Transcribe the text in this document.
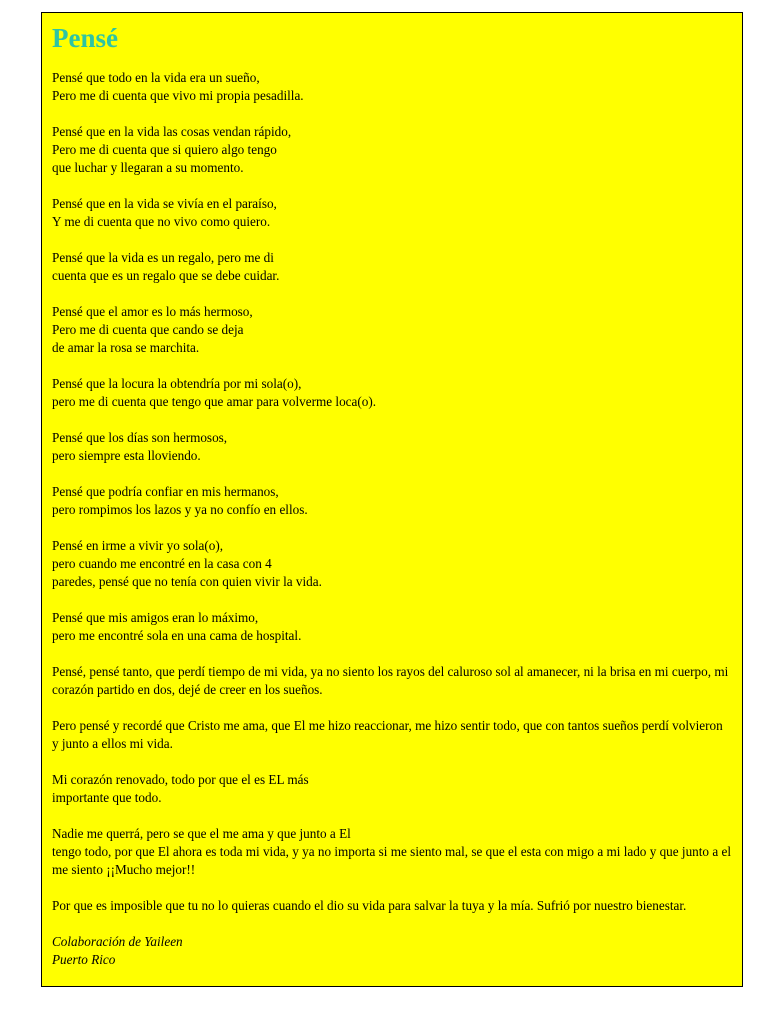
Pensé

Pensé que todo en la vida era un sueño,
Pero me di cuenta que vivo mi propia pesadilla.

Pensé que en la vida las cosas vendan rápido,
Pero me di cuenta que si quiero algo tengo
que luchar y llegaran a su momento.

Pensé que en la vida se vivía en el paraíso,
Y me di cuenta que no vivo como quiero.

Pensé que la vida es un regalo, pero me di
cuenta que es un regalo que se debe cuidar.

Pensé que el amor es lo más hermoso,
Pero me di cuenta que cando se deja
de amar la rosa se marchita.

Pensé que la locura la obtendría por mi sola(o),
pero me di cuenta que tengo que amar para volverme loca(o).

Pensé que los días son hermosos,
pero siempre esta lloviendo.

Pensé que podría confiar en mis hermanos,
pero rompimos los lazos y ya no confío en ellos.

Pensé en irme a vivir yo sola(o),
pero cuando me encontré en la casa con 4
paredes, pensé que no tenía con quien vivir la vida.

Pensé que mis amigos eran lo máximo,
pero me encontré sola en una cama de hospital.

Pensé, pensé tanto, que perdí tiempo de mi vida, ya no siento los rayos del caluroso sol al amanecer, ni la brisa en mi cuerpo, mi corazón partido en dos, dejé de creer en los sueños.

Pero pensé y recordé que Cristo me ama, que El me hizo reaccionar, me hizo sentir todo, que con tantos sueños perdí volvieron y junto a ellos mi vida.

Mi corazón renovado, todo por que el es EL más
importante que todo.

Nadie me querrá, pero se que el me ama y que junto a El
tengo todo, por que El ahora es toda mi vida, y ya no importa si me siento mal, se que el esta con migo a mi lado y que junto a el me siento ¡¡Mucho mejor!!

Por que es imposible que tu no lo quieras cuando el dio su vida para salvar la tuya y la mía. Sufrió por nuestro bienestar.

Colaboración de Yaileen
Puerto Rico
